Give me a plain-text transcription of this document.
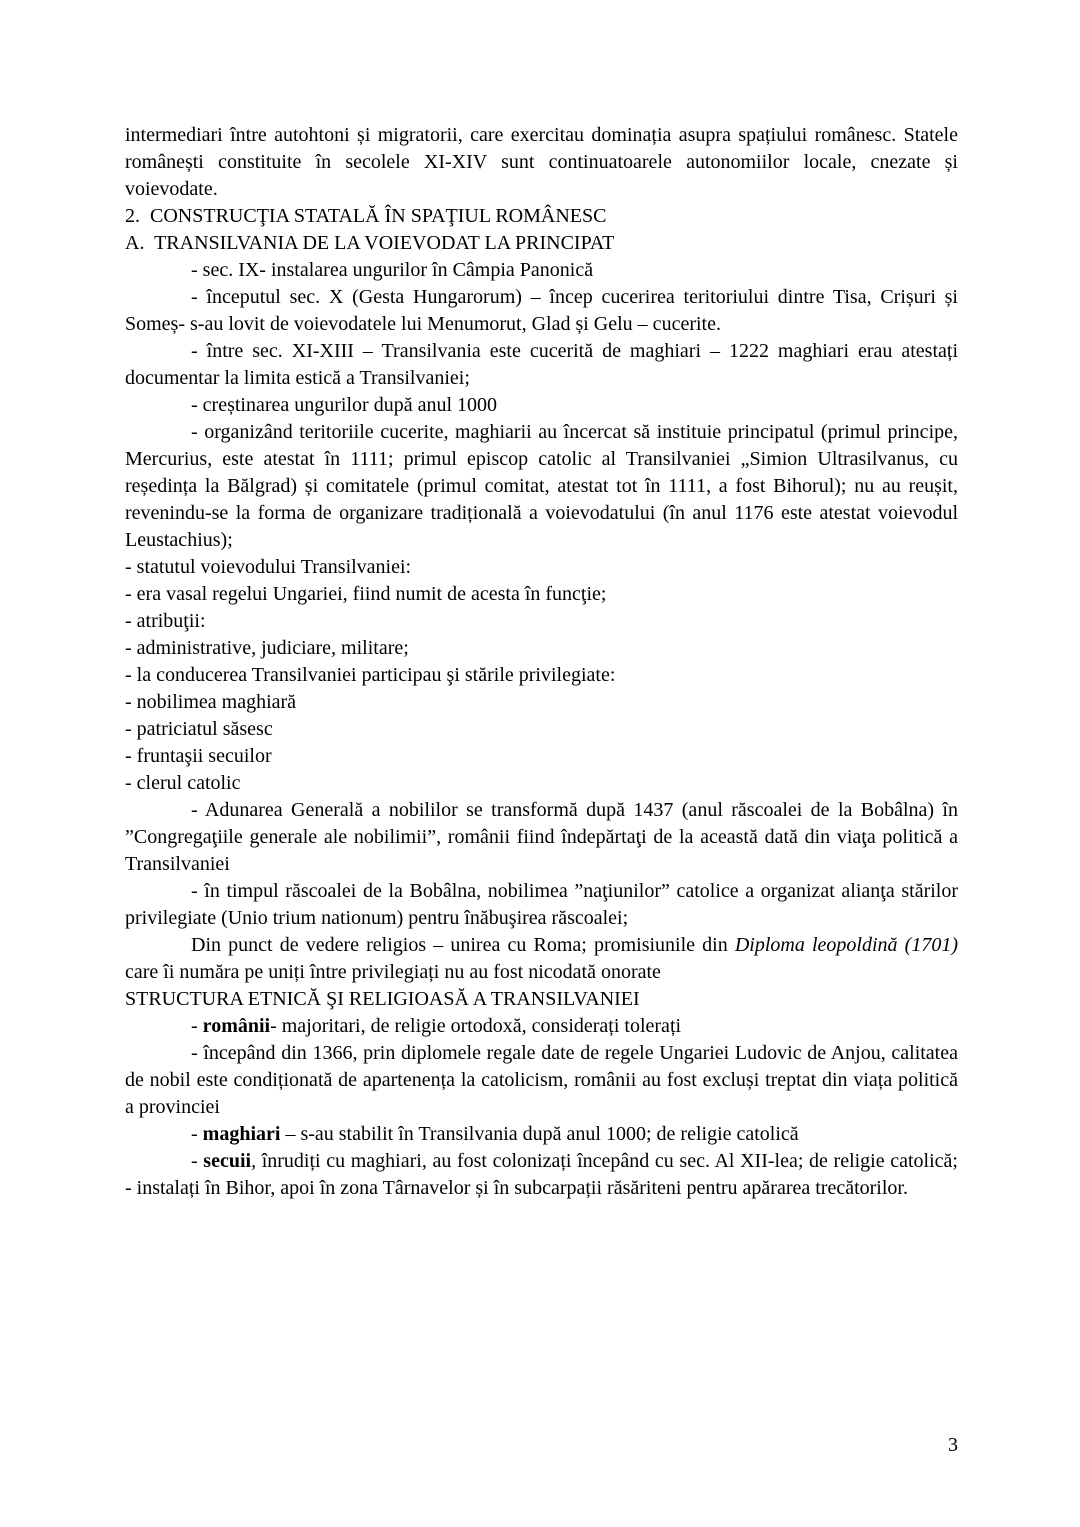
intermediari între autohtoni și migratorii, care exercitau dominația asupra spațiului românesc. Statele românești constituite în secolele XI-XIV sunt continuatoarele autonomiilor locale, cnezate și voievodate.

2.  CONSTRUCŢIA STATALĂ ÎN SPAŢIUL ROMÂNESC

A.  TRANSILVANIA DE LA VOIEVODAT LA PRINCIPAT

- sec. IX- instalarea ungurilor în Câmpia Panonică

- începutul sec. X (Gesta Hungarorum) – încep cucerirea teritoriului dintre Tisa, Crișuri și Someș- s-au lovit de voievodatele lui Menumorut, Glad și Gelu – cucerite.

- între sec. XI-XIII – Transilvania este cucerită de maghiari – 1222 maghiari erau atestați documentar la limita estică a Transilvaniei;

- creștinarea ungurilor după anul 1000

- organizând teritoriile cucerite, maghiarii au încercat să instituie principatul (primul principe, Mercurius, este atestat în 1111; primul episcop catolic al Transilvaniei „Simion Ultrasilvanus, cu reședința la Bălgrad) și comitatele (primul comitat, atestat tot în 1111, a fost Bihorul); nu au reușit, revenindu-se la forma de organizare tradițională a voievodatului (în anul 1176 este atestat voievodul Leustachius);

- statutul voievodului Transilvaniei:

- era vasal regelui Ungariei, fiind numit de acesta în funcţie;

- atribuţii:

- administrative, judiciare, militare;

- la conducerea Transilvaniei participau şi stările privilegiate:

- nobilimea maghiară

- patriciatul săsesc

- fruntaşii secuilor

- clerul catolic

- Adunarea Generală a nobililor se transformă după 1437 (anul răscoalei de la Bobâlna) în ”Congregaţiile generale ale nobilimii”, românii fiind îndepărtaţi de la această dată din viaţa politică a Transilvaniei

- în timpul răscoalei de la Bobâlna, nobilimea ”naţiunilor” catolice a organizat alianţa stărilor privilegiate (Unio trium nationum) pentru înăbuşirea răscoalei;

Din punct de vedere religios – unirea cu Roma; promisiunile din Diploma leopoldină (1701) care îi număra pe uniți între privilegiați nu au fost nicodată onorate

STRUCTURA ETNICĂ ŞI RELIGIOASĂ A TRANSILVANIEI

- românii- majoritari, de religie ortodoxă, considerați tolerați

- începând din 1366, prin diplomele regale date de regele Ungariei Ludovic de Anjou, calitatea de nobil este condiționată de apartenența la catolicism, românii au fost excluși treptat din viața politică a provinciei

- maghiari – s-au stabilit în Transilvania după anul 1000; de religie catolică

- secuii, înrudiți cu maghiari, au fost colonizați începând cu sec. Al XII-lea; de religie catolică; - instalați în Bihor, apoi în zona Târnavelor și în subcarpații răsăriteni pentru apărarea trecătorilor.

3
